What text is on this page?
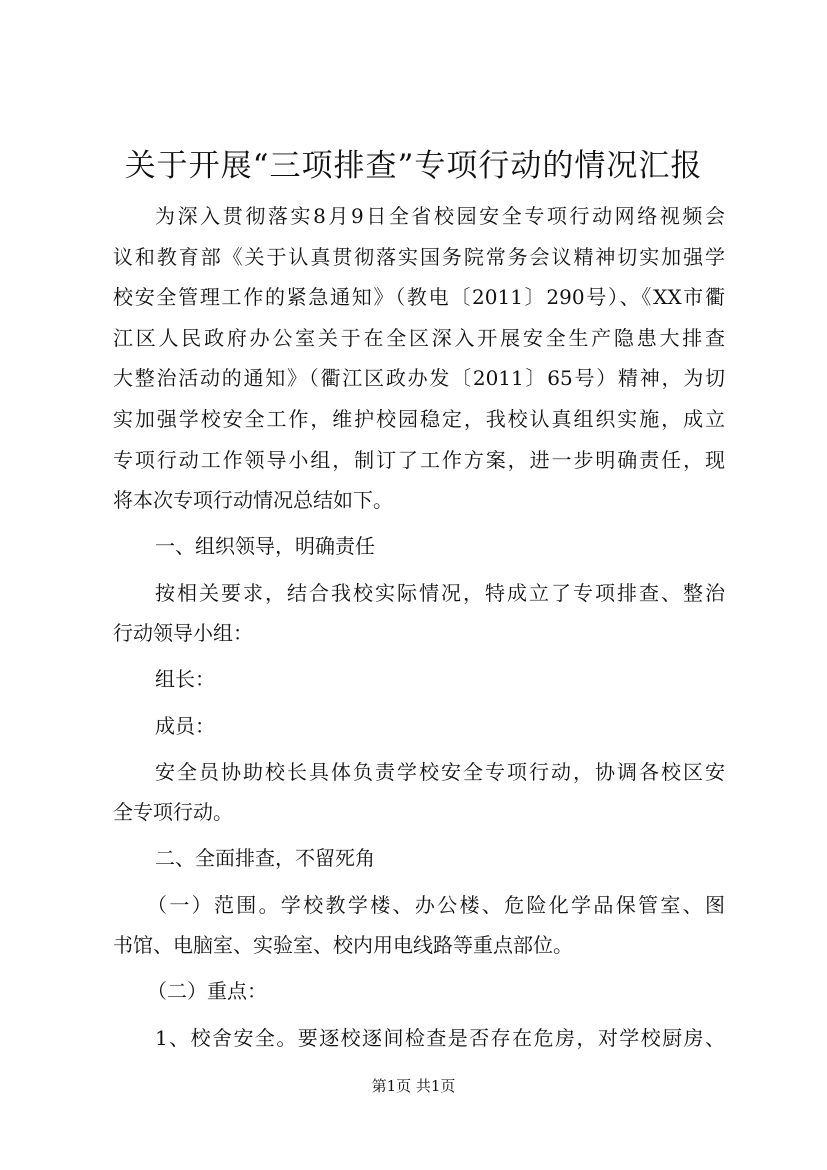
关于开展“三项排查”专项行动的情况汇报
为深入贯彻落实8月9日全省校园安全专项行动网络视频会
议和教育部《关于认真贯彻落实国务院常务会议精神切实加强学
校安全管理工作的紧急通知》（教电〔2011〕290号）、《XX市衢
江区人民政府办公室关于在全区深入开展安全生产隐患大排查
大整治活动的通知》（衢江区政办发〔2011〕65号）精神，为切
实加强学校安全工作，维护校园稳定，我校认真组织实施，成立
专项行动工作领导小组，制订了工作方案，进一步明确责任，现
将本次专项行动情况总结如下。
一、组织领导，明确责任
按相关要求，结合我校实际情况，特成立了专项排查、整治
行动领导小组：
组长：
成员：
安全员协助校长具体负责学校安全专项行动，协调各校区安
全专项行动。
二、全面排查，不留死角
（一）范围。学校教学楼、办公楼、危险化学品保管室、图
书馆、电脑室、实验室、校内用电线路等重点部位。
（二）重点：
1、校舍安全。要逐校逐间检查是否存在危房，对学校厨房、
第1页 共1页
